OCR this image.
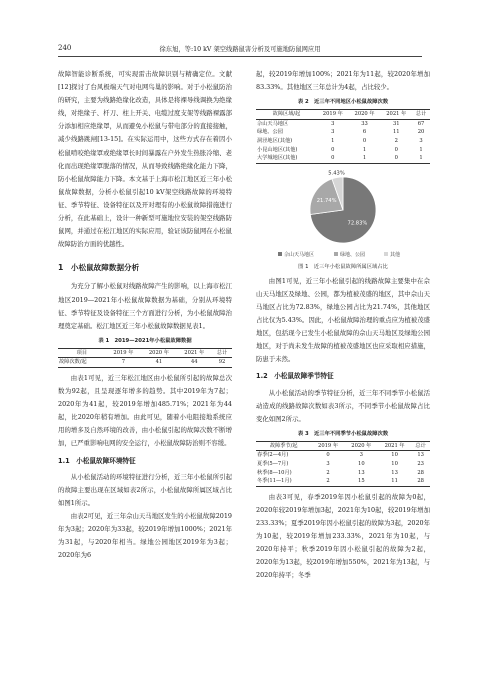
240	徐东旭，等:10 kV 架空线路鼠害分析及可施地防鼠网应用

故障智能诊断系统，可实现雷击故障识别与精确定位。文献[12]探讨了台风极端天气对电网鸟巢的影响。对于小松鼠防治的研究，主要为线路绝缘化改造，具体是将裸导线调换为绝缘线，对绝缘子、杆刀、柱上开关、电缆过度支架等线路裸露部分添加相应绝缘罩，从而避免小松鼠与带电部分的直接接触，减少线路跳闸[13-15]。在实际运用中，这些方式存在着因小松鼠啃咬绝缘罩或绝缘罩长时间暴露在户外发生热胀冷缩、老化而出现绝缘罩脱落的情况，从而导致线路绝缘化能力下降，防小松鼠故障能力下降。本文基于上海市松江地区近三年小松鼠故障数据，分析小松鼠引起10 kV架空线路故障的环境特征、季节特征、设备特征以及开对理有的小松鼠故障措施进行分析，在此基础上，设计一种新型可施地位安装的架空线路防鼠网，并通过在松江地区的实际应用，验证该防鼠网在小松鼠故障防治方面的优越性。

1　小松鼠故障数据分析

为充分了解小松鼠对线路故障产生的影响，以上海市松江地区2019—2021年小松鼠故障数据为基础，分别从环境特征、季节特征及设备特征三个方面进行分析，为小松鼠故障治理奠定基础。松江地区近三年小松鼠故障数据见表1。

表 1　2019—2021年小松鼠故障数据
项目	2019 年	2020 年	2021 年	总计
故障次数/起	7	41	44	92

由表1可见，近三年松江地区由小松鼠所引起的故障总次数为92起，且呈现逐年增多的趋势。其中2019年为7起；2020年为41起，较2019年增加485.71%；2021年为44起，比2020年稍有增加。由此可见，随着小电阻接地系统应用的增多及自然环境的改善，由小松鼠引起的故障次数不断增加，已严重影响电网的安全运行，小松鼠故障防治则不容缓。

1.1　小松鼠故障环境特征

从小松鼠活动的环境特征进行分析，近三年小松鼠所引起的故障主要出现在区域如表2所示，小松鼠故障所属区域占比如图1所示。

由表2可见，近三年佘山天马地区发生的小松鼠故障2019年为3起；2020年为33起，较2019年增加1000%；2021年为31起，与2020年相当。绿地公园地区2019年为3起；2020年为6

起，较2019年增加100%；2021年为11起，较2020年增加83.33%。其他地区三年总计为4起，占比较少。

表 2　近三年不同地区小松鼠故障次数
故障区域/起	2019 年	2020 年	2021 年	总计
佘山天马地区	3	33	31	67
绿地、公园	3	6	11	20
洞泾地区(其他)	1	0	2	3
小昆山地区(其他)	0	1	0	1
大学城地区(其他)	0	1	0	1
72.83%
21.74%
5.43%
佘山天马地区	绿地、公园	其他
图 1　近三年小松鼠故障所属区域占比

由图1可见，近三年小松鼠引起的线路故障主要集中在佘山天马地区及绿地、公园，都为植被茂盛的地区，其中佘山天马地区占比为72.83%，绿地公园占比为21.74%，其他地区占比仅为5.43%。因此，小松鼠故障治理的重点应为植被茂盛地区，包括现今已发生小松鼠故障的佘山天马地区及绿地公园地区，对于尚未发生故障的植被茂盛地区也应采取相应措施，防患于未然。

1.2　小松鼠故障季节特征

从小松鼠活动的季节特征分析，近三年不同季节小松鼠活动造成的线路故障次数如表3所示，不同季节小松鼠故障占比变化如图2所示。

表 3　近三年不同季节小松鼠故障次数
故障季节/起	2019 年	2020 年	2021 年	总计
春季(2—4月)	0	3	10	13
夏季(5—7月)	3	10	10	23
秋季(8—10月)	2	13	13	28
冬季(11—1月)	2	15	11	28

由表3可见，春季2019年因小松鼠引起的故障为0起，2020年较2019年增加3起，2021年为10起，较2019年增加233.33%；夏季2019年因小松鼠引起的故障为3起，2020年为10起，较2019年增加233.33%，2021年为10起，与2020年持平；秋季2019年因小松鼠引起的故障为2起，2020年为13起，较2019年增加550%，2021年为13起，与2020年持平；冬季
